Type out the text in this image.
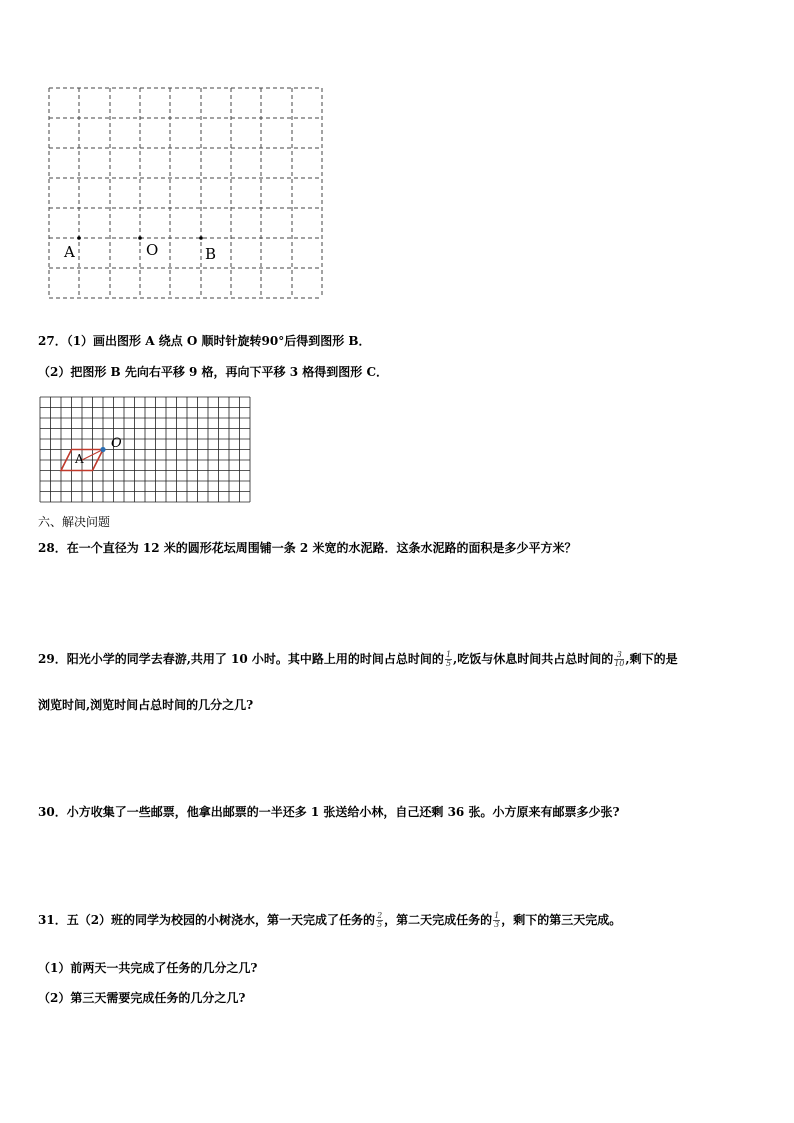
A	O	B
27．（1）画出图形 A 绕点 O 顺时针旋转90°后得到图形 B．
（2）把图形 B 先向右平移 9 格，再向下平移 3 格得到图形 C．
A
O
六、解决问题
28．在一个直径为 12 米的圆形花坛周围铺一条 2 米宽的水泥路．这条水泥路的面积是多少平方米？
29．阳光小学的同学去春游,共用了 10 小时。其中路上用的时间占总时间的 $\frac{1}{5}$ ,吃饭与休息时间共占总时间的 $\frac{3}{10}$ ,剩下的是
浏览时间,浏览时间占总时间的几分之几?
30．小方收集了一些邮票，他拿出邮票的一半还多 1 张送给小林，自己还剩 36 张。小方原来有邮票多少张?
31．五（2）班的同学为校园的小树浇水，第一天完成了任务的 $\frac{2}{5}$ ，第二天完成任务的 $\frac{1}{3}$ ，剩下的第三天完成。
（1）前两天一共完成了任务的几分之几?
（2）第三天需要完成任务的几分之几?
